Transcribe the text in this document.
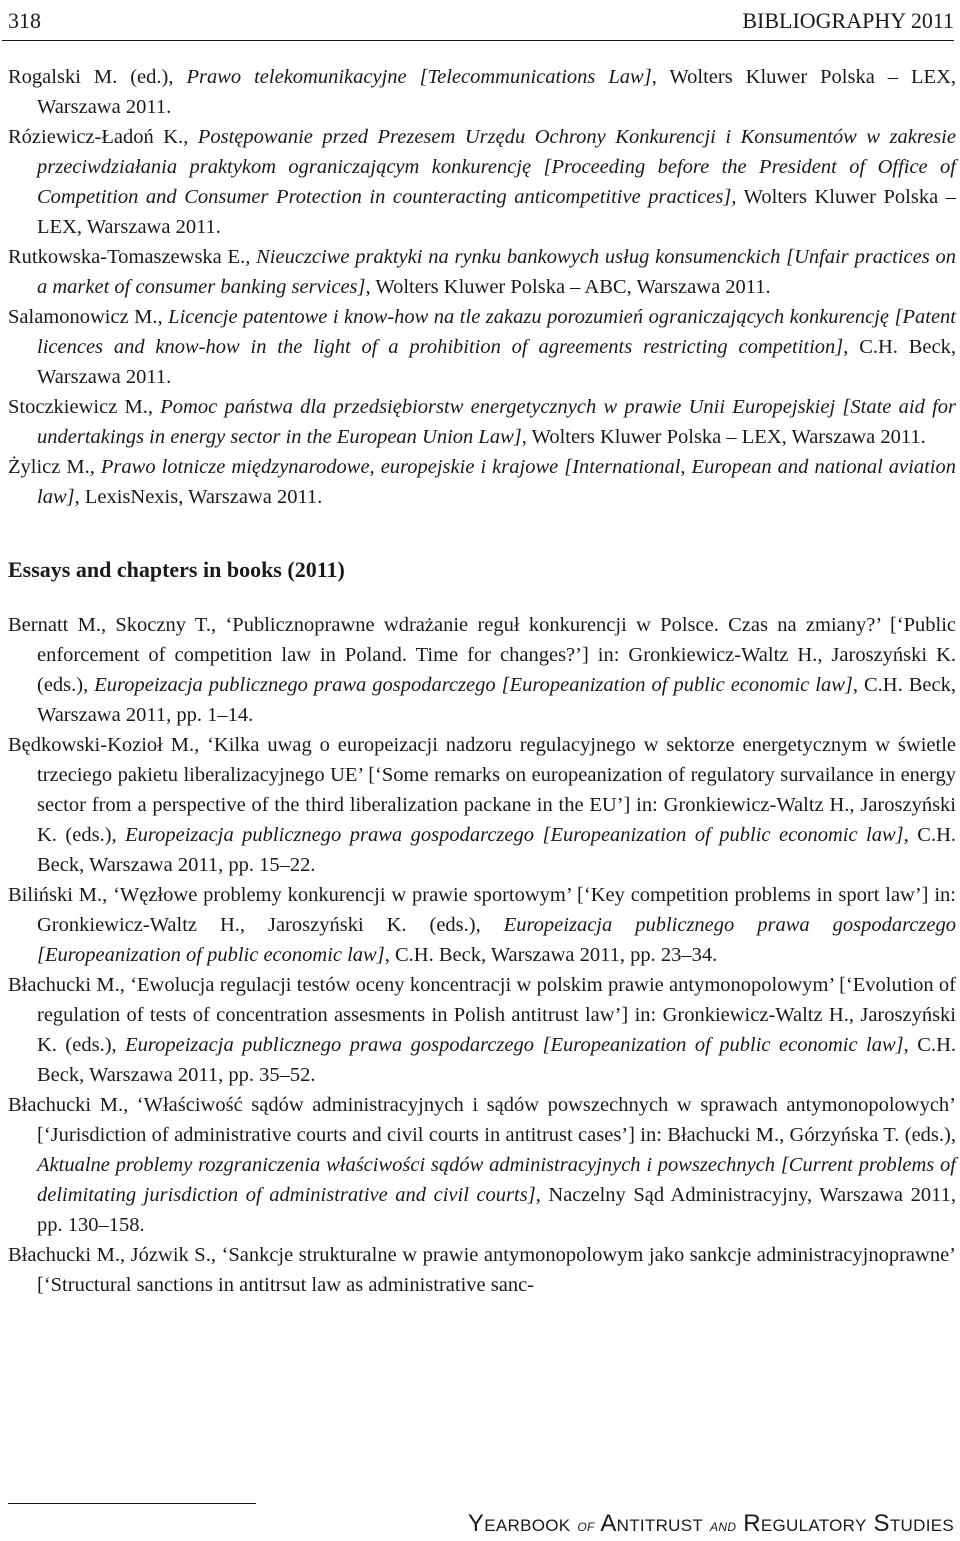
318	BIBLIOGRAPHY 2011

Rogalski M. (ed.), Prawo telekomunikacyjne [Telecommunications Law], Wolters Kluwer Polska – LEX, Warszawa 2011.

Róziewicz-Ładoń K., Postępowanie przed Prezesem Urzędu Ochrony Konkurencji i Konsumentów w zakresie przeciwdziałania praktykom ograniczającym konkurencję [Proceeding before the President of Office of Competition and Consumer Protection in counteracting anticompetitive practices], Wolters Kluwer Polska – LEX, Warszawa 2011.

Rutkowska-Tomaszewska E., Nieuczciwe praktyki na rynku bankowych usług konsumenckich [Unfair practices on a market of consumer banking services], Wolters Kluwer Polska – ABC, Warszawa 2011.

Salamonowicz M., Licencje patentowe i know-how na tle zakazu porozumień ograniczających konkurencję [Patent licences and know-how in the light of a prohibition of agreements restricting competition], C.H. Beck, Warszawa 2011.

Stoczkiewicz M., Pomoc państwa dla przedsiębiorstw energetycznych w prawie Unii Europejskiej [State aid for undertakings in energy sector in the European Union Law], Wolters Kluwer Polska – LEX, Warszawa 2011.

Żylicz M., Prawo lotnicze międzynarodowe, europejskie i krajowe [International, European and national aviation law], LexisNexis, Warszawa 2011.

Essays and chapters in books (2011)

Bernatt M., Skoczny T., ‘Publicznoprawne wdrażanie reguł konkurencji w Polsce. Czas na zmiany?’ [‘Public enforcement of competition law in Poland. Time for changes?’] in: Gronkiewicz-Waltz H., Jaroszyński K. (eds.), Europeizacja publicznego prawa gospodarczego [Europeanization of public economic law], C.H. Beck, Warszawa 2011, pp. 1–14.

Będkowski-Kozioł M., ‘Kilka uwag o europeizacji nadzoru regulacyjnego w sektorze energetycznym w świetle trzeciego pakietu liberalizacyjnego UE’ [‘Some remarks on europeanization of regulatory survailance in energy sector from a perspective of the third liberalization packane in the EU’] in: Gronkiewicz-Waltz H., Jaroszyński K. (eds.), Europeizacja publicznego prawa gospodarczego [Europeanization of public economic law], C.H. Beck, Warszawa 2011, pp. 15–22.

Biliński M., ‘Węzłowe problemy konkurencji w prawie sportowym’ [‘Key competition problems in sport law’] in: Gronkiewicz-Waltz H., Jaroszyński K. (eds.), Europeizacja publicznego prawa gospodarczego [Europeanization of public economic law], C.H. Beck, Warszawa 2011, pp. 23–34.

Błachucki M., ‘Ewolucja regulacji testów oceny koncentracji w polskim prawie antymonopolowym’ [‘Evolution of regulation of tests of concentration assesments in Polish antitrust law’] in: Gronkiewicz-Waltz H., Jaroszyński K. (eds.), Europeizacja publicznego prawa gospodarczego [Europeanization of public economic law], C.H. Beck, Warszawa 2011, pp. 35–52.

Błachucki M., ‘Właściwość sądów administracyjnych i sądów powszechnych w sprawach antymonopolowych’ [‘Jurisdiction of administrative courts and civil courts in antitrust cases’] in: Błachucki M., Górzyńska T. (eds.), Aktualne problemy rozgraniczenia właściwości sądów administracyjnych i powszechnych [Current problems of delimitating jurisdiction of administrative and civil courts], Naczelny Sąd Administracyjny, Warszawa 2011, pp. 130–158.

Błachucki M., Józwik S., ‘Sankcje strukturalne w prawie antymonopolowym jako sankcje administracyjnoprawne’ [‘Structural sanctions in antitrsut law as administrative sanc-

Yearbook of Antitrust and Regulatory Studies
